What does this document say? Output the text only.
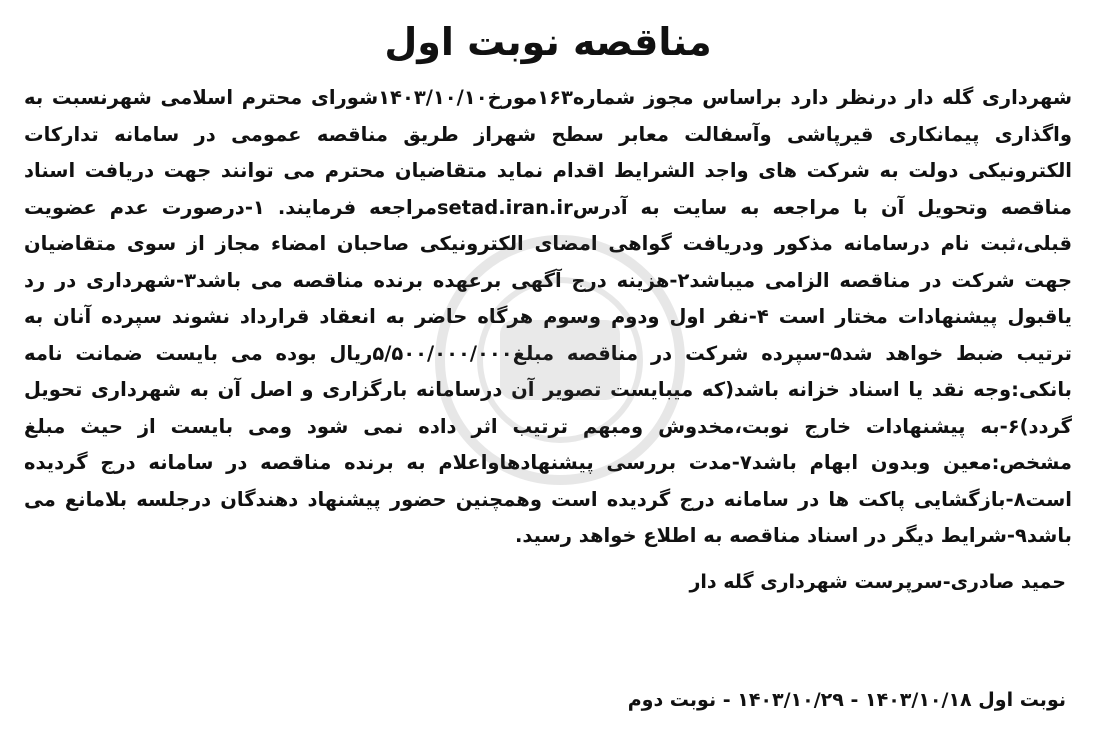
مناقصه نوبت اول

شهرداری گله دار درنظر دارد براساس مجوز شماره۱۶۳مورخ۱۴۰۳/۱۰/۱۰شورای محترم اسلامی شهرنسبت به واگذاری پیمانکاری قیرپاشی وآسفالت معابر سطح شهراز طریق مناقصه عمومی در سامانه تدارکات الکترونیکی دولت به شرکت های واجد الشرایط اقدام نماید متقاضیان محترم می توانند جهت دریافت اسناد مناقصه وتحویل آن با مراجعه به سایت به آدرسsetad.iran.irمراجعه فرمایند. ۱-درصورت عدم عضویت قبلی،ثبت نام درسامانه مذکور ودریافت گواهی امضای الکترونیکی صاحبان امضاء مجاز از سوی متقاضیان جهت شرکت در مناقصه الزامی میباشد۲-هزینه درج آگهی برعهده برنده مناقصه می باشد۳-شهرداری در رد یاقبول پیشنهادات مختار است ۴-نفر اول ودوم وسوم هرگاه حاضر به انعقاد قرارداد نشوند سپرده آنان به ترتیب ضبط خواهد شد۵-سپرده شرکت در مناقصه مبلغ۵/۵۰۰/۰۰۰/۰۰۰ریال بوده می بایست ضمانت نامه بانکی:وجه نقد یا اسناد خزانه باشد(که میبایست تصویر آن درسامانه بارگزاری و اصل آن به شهرداری تحویل گردد)۶-به پیشنهادات خارج نوبت،مخدوش ومبهم ترتیب اثر داده نمی شود ومی بایست از حیث مبلغ مشخص:معین وبدون ابهام باشد۷-مدت بررسی پیشنهادهاواعلام به برنده مناقصه در سامانه درج گردیده است۸-بازگشایی پاکت ها در سامانه درج گردیده است وهمچنین حضور پیشنهاد دهندگان درجلسه بلامانع می باشد۹-شرایط دیگر در اسناد مناقصه به اطلاع خواهد رسید.

حمید صادری-سرپرست شهرداری گله دار
نوبت اول ۱۴۰۳/۱۰/۱۸ - ۱۴۰۳/۱۰/۲۹ - نوبت دوم
